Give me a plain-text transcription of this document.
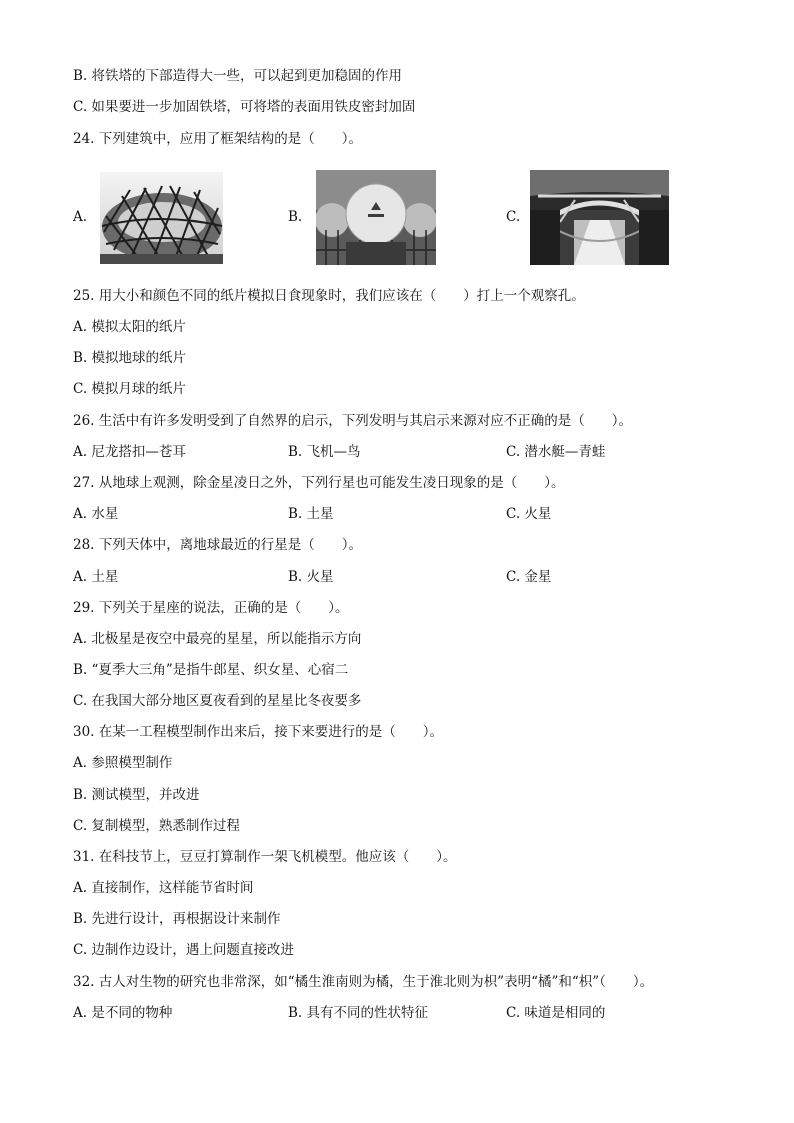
B. 将铁塔的下部造得大一些，可以起到更加稳固的作用
C. 如果要进一步加固铁塔，可将塔的表面用铁皮密封加固
24. 下列建筑中，应用了框架结构的是（　　）。
A.	B.	C.
25. 用大小和颜色不同的纸片模拟日食现象时，我们应该在（　　）打上一个观察孔。
A. 模拟太阳的纸片
B. 模拟地球的纸片
C. 模拟月球的纸片
26. 生活中有许多发明受到了自然界的启示，下列发明与其启示来源对应不正确的是（　　）。
A. 尼龙搭扣—苍耳	B. 飞机—鸟	C. 潜水艇—青蛙
27. 从地球上观测，除金星凌日之外，下列行星也可能发生凌日现象的是（　　）。
A. 水星	B. 土星	C. 火星
28. 下列天体中，离地球最近的行星是（　　）。
A. 土星	B. 火星	C. 金星
29. 下列关于星座的说法，正确的是（　　）。
A. 北极星是夜空中最亮的星星，所以能指示方向
B. “夏季大三角”是指牛郎星、织女星、心宿二
C. 在我国大部分地区夏夜看到的星星比冬夜要多
30. 在某一工程模型制作出来后，接下来要进行的是（　　）。
A. 参照模型制作
B. 测试模型，并改进
C. 复制模型，熟悉制作过程
31. 在科技节上，豆豆打算制作一架飞机模型。他应该（　　）。
A. 直接制作，这样能节省时间
B. 先进行设计，再根据设计来制作
C. 边制作边设计，遇上问题直接改进
32. 古人对生物的研究也非常深，如“橘生淮南则为橘，生于淮北则为枳”表明“橘”和“枳”（　　）。
A. 是不同的物种	B. 具有不同的性状特征	C. 味道是相同的
